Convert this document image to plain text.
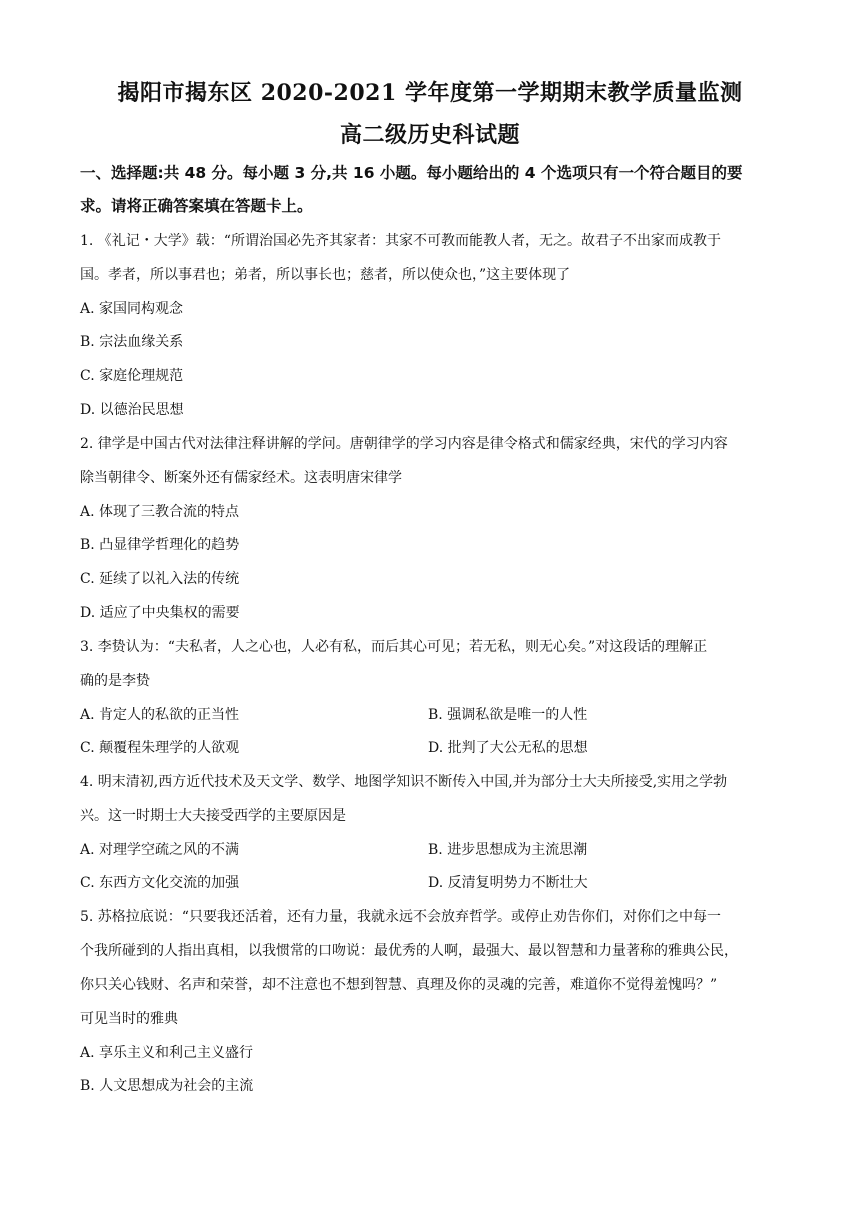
揭阳市揭东区 2020-2021 学年度第一学期期末教学质量监测
高二级历史科试题
一、选择题:共 48 分。每小题 3 分,共 16 小题。每小题给出的 4 个选项只有一个符合题目的要
求。请将正确答案填在答题卡上。
1. 《礼记・大学》载：“所谓治国必先齐其家者：其家不可教而能教人者，无之。故君子不出家而成教于
国。孝者，所以事君也；弟者，所以事长也；慈者，所以使众也，”这主要体现了
A. 家国同构观念
B. 宗法血缘关系
C. 家庭伦理规范
D. 以德治民思想
2. 律学是中国古代对法律注释讲解的学问。唐朝律学的学习内容是律令格式和儒家经典，宋代的学习内容
除当朝律令、断案外还有儒家经术。这表明唐宋律学
A. 体现了三教合流的特点
B. 凸显律学哲理化的趋势
C. 延续了以礼入法的传统
D. 适应了中央集权的需要
3. 李贽认为：“夫私者，人之心也，人必有私，而后其心可见；若无私，则无心矣。”对这段话的理解正
确的是李贽
A. 肯定人的私欲的正当性	B. 强调私欲是唯一的人性
C. 颠覆程朱理学的人欲观	D. 批判了大公无私的思想
4. 明末清初,西方近代技术及天文学、数学、地图学知识不断传入中国,并为部分士大夫所接受,实用之学勃
兴。这一时期士大夫接受西学的主要原因是
A. 对理学空疏之风的不满	B. 进步思想成为主流思潮
C. 东西方文化交流的加强	D. 反清复明势力不断壮大
5. 苏格拉底说：“只要我还活着，还有力量，我就永远不会放弃哲学。或停止劝告你们，对你们之中每一
个我所碰到的人指出真相，以我惯常的口吻说：最优秀的人啊，最强大、最以智慧和力量著称的雅典公民，
你只关心钱财、名声和荣誉，却不注意也不想到智慧、真理及你的灵魂的完善，难道你不觉得羞愧吗？”
可见当时的雅典
A. 享乐主义和利己主义盛行
B. 人文思想成为社会的主流
